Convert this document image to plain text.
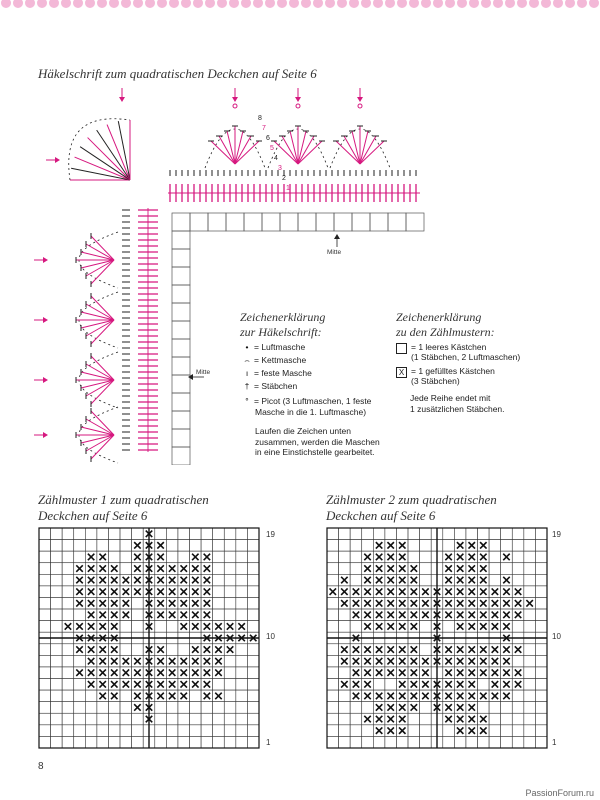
Häkelschrift zum quadratischen Deckchen auf Seite 6
1
2
3
4
5
6
7
8
Mitte
Mitte
Zeichenerklärung
zur Häkelschrift:
• = Luftmasche
⌢ = Kettmasche
ı = feste Masche
† = Stäbchen
° = Picot (3 Luftmaschen, 1 feste
Masche in die 1. Luftmasche)
Laufen die Zeichen unten
zusammen, werden die Maschen
in eine Einstichstelle gearbeitet.
Zeichenerklärung
zu den Zählmustern:
= 1 leeres Kästchen
(1 Stäbchen, 2 Luftmaschen)
X = 1 gefülltes Kästchen
(3 Stäbchen)
Jede Reihe endet mit
1 zusätzlichen Stäbchen.
Zählmuster 1 zum quadratischen
Deckchen auf Seite 6
19
10
1
Zählmuster 2 zum quadratischen
Deckchen auf Seite 6
19
10
1
8
PassionForum.ru
